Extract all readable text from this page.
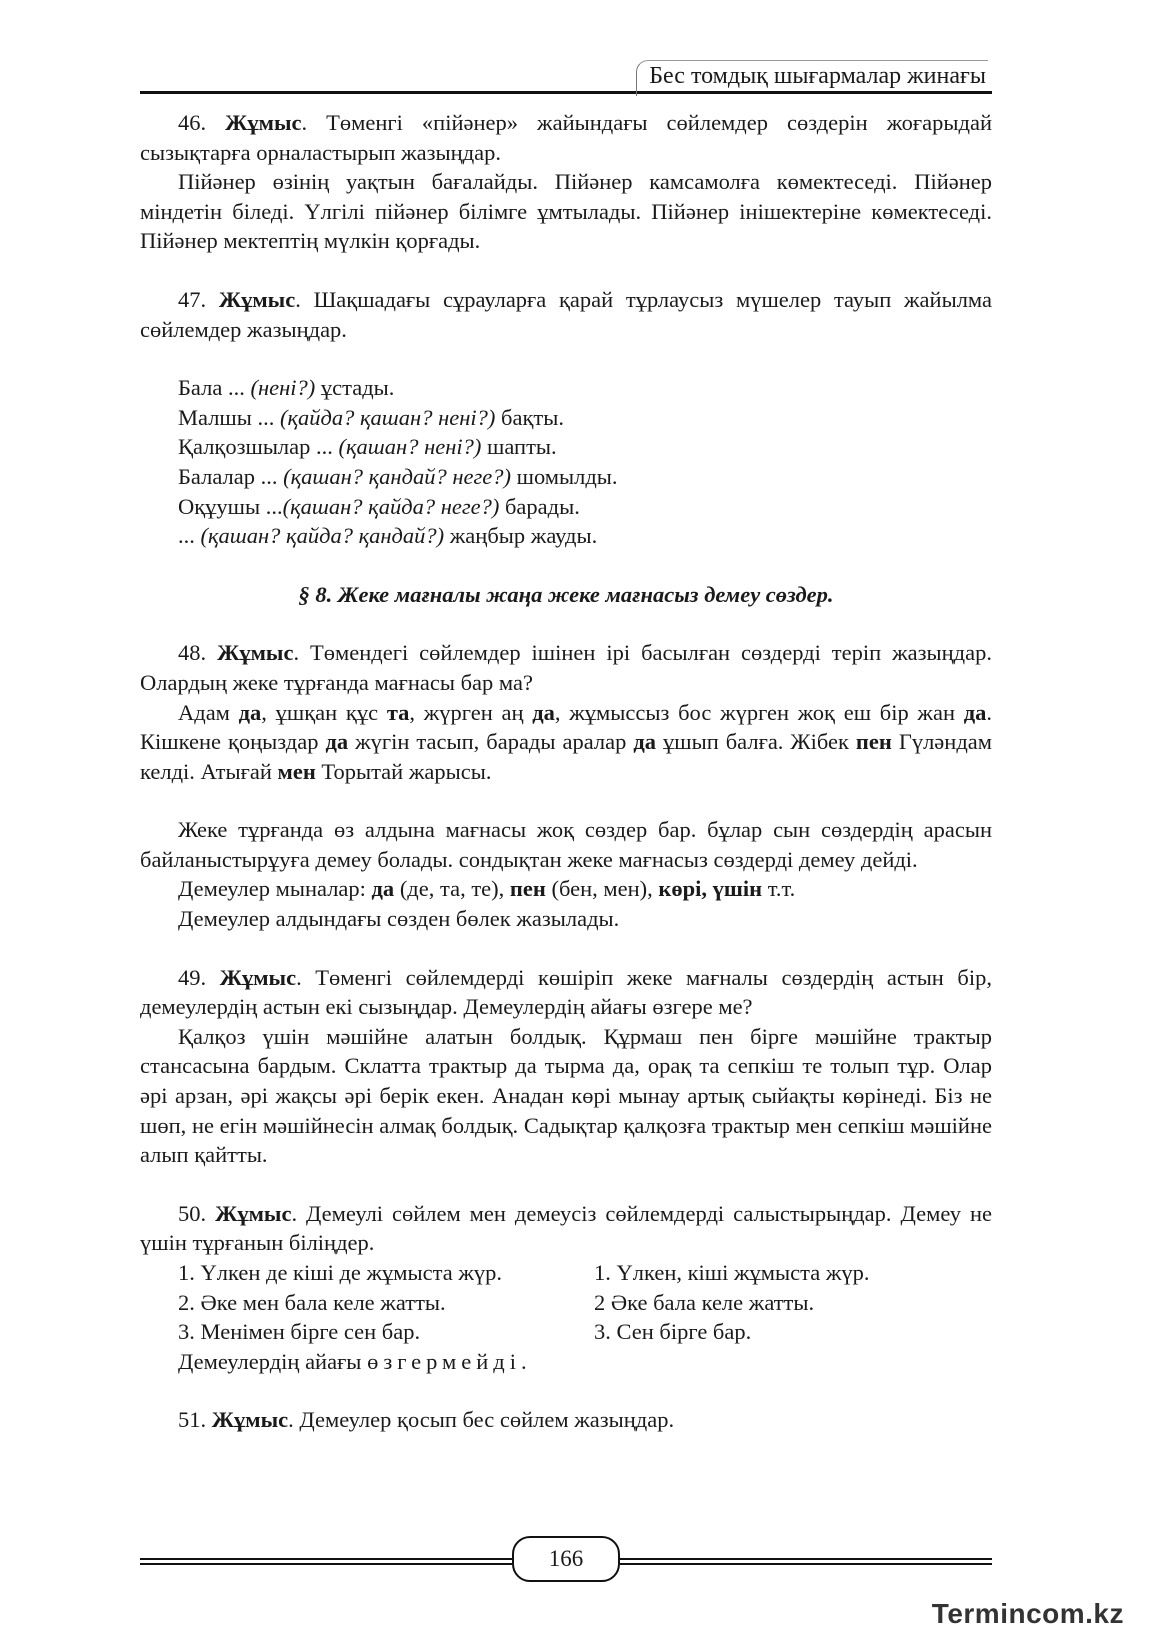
Бес томдық шығармалар жинағы

46. Жұмыс. Төменгі «пійәнер» жайындағы сөйлемдер сөздерін жоғарыдай сызықтарға орналастырып жазыңдар.

Пійәнер өзінің уақтын бағалайды. Пійәнер камсамолға көмектеседі. Пійәнер міндетін біледі. Үлгілі пійәнер білімге ұмтылады. Пійәнер інішектеріне көмектеседі. Пійәнер мектептің мүлкін қорғады.

47. Жұмыс. Шақшадағы сұрауларға қарай тұрлаусыз мүшелер тауып жайылма сөйлемдер жазыңдар.

Бала ... (нені?) ұстады.

Малшы ... (қайда? қашан? нені?) бақты.

Қалқозшылар ... (қашан? нені?) шапты.

Балалар ... (қашан? қандай? неге?) шомылды.

Оқұушы ...(қашан? қайда? неге?) барады.

... (қашан? қайда? қандай?) жаңбыр жауды.

§ 8. Жеке мағналы жаңа жеке мағнасыз демеу сөздер.

48. Жұмыс. Төмендегі сөйлемдер ішінен ірі басылған сөздерді теріп жазыңдар. Олардың жеке тұрғанда мағнасы бар ма?

Адам да, ұшқан құс та, жүрген аң да, жұмыссыз бос жүрген жоқ еш бір жан да. Кішкене қоңыздар да жүгін тасып, барады аралар да ұшып балға. Жібек пен Гүләндам келді. Атығай мен Торытай жарысы.

Жеке тұрғанда өз алдына мағнасы жоқ сөздер бар. бұлар сын сөздердің арасын байланыстырұуға демеу болады. сондықтан жеке мағнасыз сөздерді демеу дейді.

Демеулер мыналар: да (де, та, те), пен (бен, мен), көрі, үшін т.т.

Демеулер алдындағы сөзден бөлек жазылады.

49. Жұмыс. Төменгі сөйлемдерді көшіріп жеке мағналы сөздердің астын бір, демеулердің астын екі сызыңдар. Демеулердің айағы өзгере ме?

Қалқоз үшін мәшійне алатын болдық. Құрмаш пен бірге мәшійне трактыр стансасына бардым. Склатта трактыр да тырма да, орақ та сепкіш те толып тұр. Олар әрі арзан, әрі жақсы әрі берік екен. Анадан көрі мынау артық сыйақты көрінеді. Біз не шөп, не егін мәшійнесін алмақ болдық. Садықтар қалқозға трактыр мен сепкіш мәшійне алып қайтты.

50. Жұмыс. Демеулі сөйлем мен демеусіз сөйлемдерді салыстырыңдар. Демеу не үшін тұрғанын біліңдер.

1. Үлкен де кіші де жұмыста жүр.	1. Үлкен, кіші жұмыста жүр.
2. Әке мен бала келе жатты.	2 Әке бала келе жатты.
3. Менімен бірге сен бар.	3. Сен бірге бар.

Демеулердің айағы өзгермейді.

51. Жұмыс. Демеулер қосып бес сөйлем жазыңдар.

166
Termincom.kz
